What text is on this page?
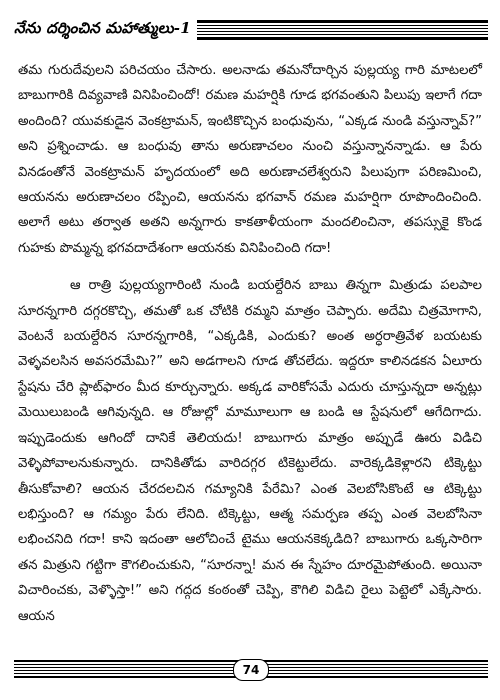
నేను దర్శించిన మహాత్ములు-1

తమ గురుదేవులని పరిచయం చేసారు. అలనాడు తమనోదార్చిన పుల్లయ్య గారి మాటలలో బాబుగారికి దివ్యవాణి వినిపించిందో! రమణ మహర్షికి గూడ భగవంతుని పిలుపు ఇలాగే గదా అందింది? యువకుడైన వెంకట్రామన్, ఇంటికొచ్చిన బంధువును, “ఎక్కడ నుండి వస్తున్నావ్?” అని ప్రశ్నించాడు. ఆ బంధువు తాను అరుణాచలం నుంచి వస్తున్నానన్నాడు. ఆ పేరు వినడంతోనే వెంకట్రామన్ హృదయంలో అది అరుణాచలేశ్వరుని పిలుపుగా పరిణమించి, ఆయనను అరుణాచలం రప్పించి, ఆయనను భగవాన్ రమణ మహర్షిగా రూపొందించింది. అలాగే అటు తర్వాత అతని అన్నగారు కాకతాళీయంగా మందలించినా, తపస్సుకై కొండ గుహకు పొమ్మన్న భగవదాదేశంగా ఆయనకు వినిపించింది గదా!

ఆ రాత్రి పుల్లయ్యగారింటి నుండి బయల్దేరిన బాబు తిన్నగా మిత్రుడు పలపాల సూరన్నగారి దగ్గరకొచ్చి, తమతో ఒక చోటికి రమ్మని మాత్రం చెప్పారు. అదేమి చిత్రమోగాని, వెంటనే బయల్దేరిన సూరన్నగారికి, “ఎక్కడికి, ఎందుకు? అంత అర్ధరాత్రివేళ బయటకు వెళ్ళవలసిన అవసరమేమి?” అని అడగాలని గూడ తోచలేదు. ఇద్దరూ కాలినడకన ఏలూరు స్టేషను చేరి ప్లాట్‌ఫారం మీద కూర్చున్నారు. అక్కడ వారికోసమే ఎదురు చూస్తున్నదా అన్నట్లు మెయిలుబండి ఆగివున్నది. ఆ రోజుల్లో మామూలుగా ఆ బండి ఆ స్టేషనులో ఆగేదిగాదు. ఇప్పుడెందుకు ఆగిందో దానికే తెలియదు! బాబుగారు మాత్రం అప్పుడే ఊరు విడిచి వెళ్ళిపోవాలనుకున్నారు. దానికితోడు వారిదగ్గర టికెట్టులేదు. వారెక్కడికెళ్లారని టిక్కెట్టు తీసుకోవాలి? ఆయన చేరదలచిన గమ్యానికి పేరేమి? ఎంత వెలబోసికొంటే ఆ టిక్కెట్టు లభిస్తుంది? ఆ గమ్యం పేరు లేనిది. టిక్కెట్టు, ఆత్మ సమర్పణ తప్ప ఎంత వెలబోసినా లభించనిది గదా! కాని ఇదంతా ఆలోచించే టైము ఆయనకెక్కడిది? బాబుగారు ఒక్కసారిగా తన మిత్రుని గట్టిగా కౌగలించుకుని, “సూరన్నా! మన ఈ స్నేహం దూరమైపోతుంది. అయినా విచారించకు, వెళ్ళొస్తా!” అని గద్గద కంఠంతో చెప్పి, కౌగిలి విడిచి రైలు పెట్టెలో ఎక్కేసారు. ఆయన

74
